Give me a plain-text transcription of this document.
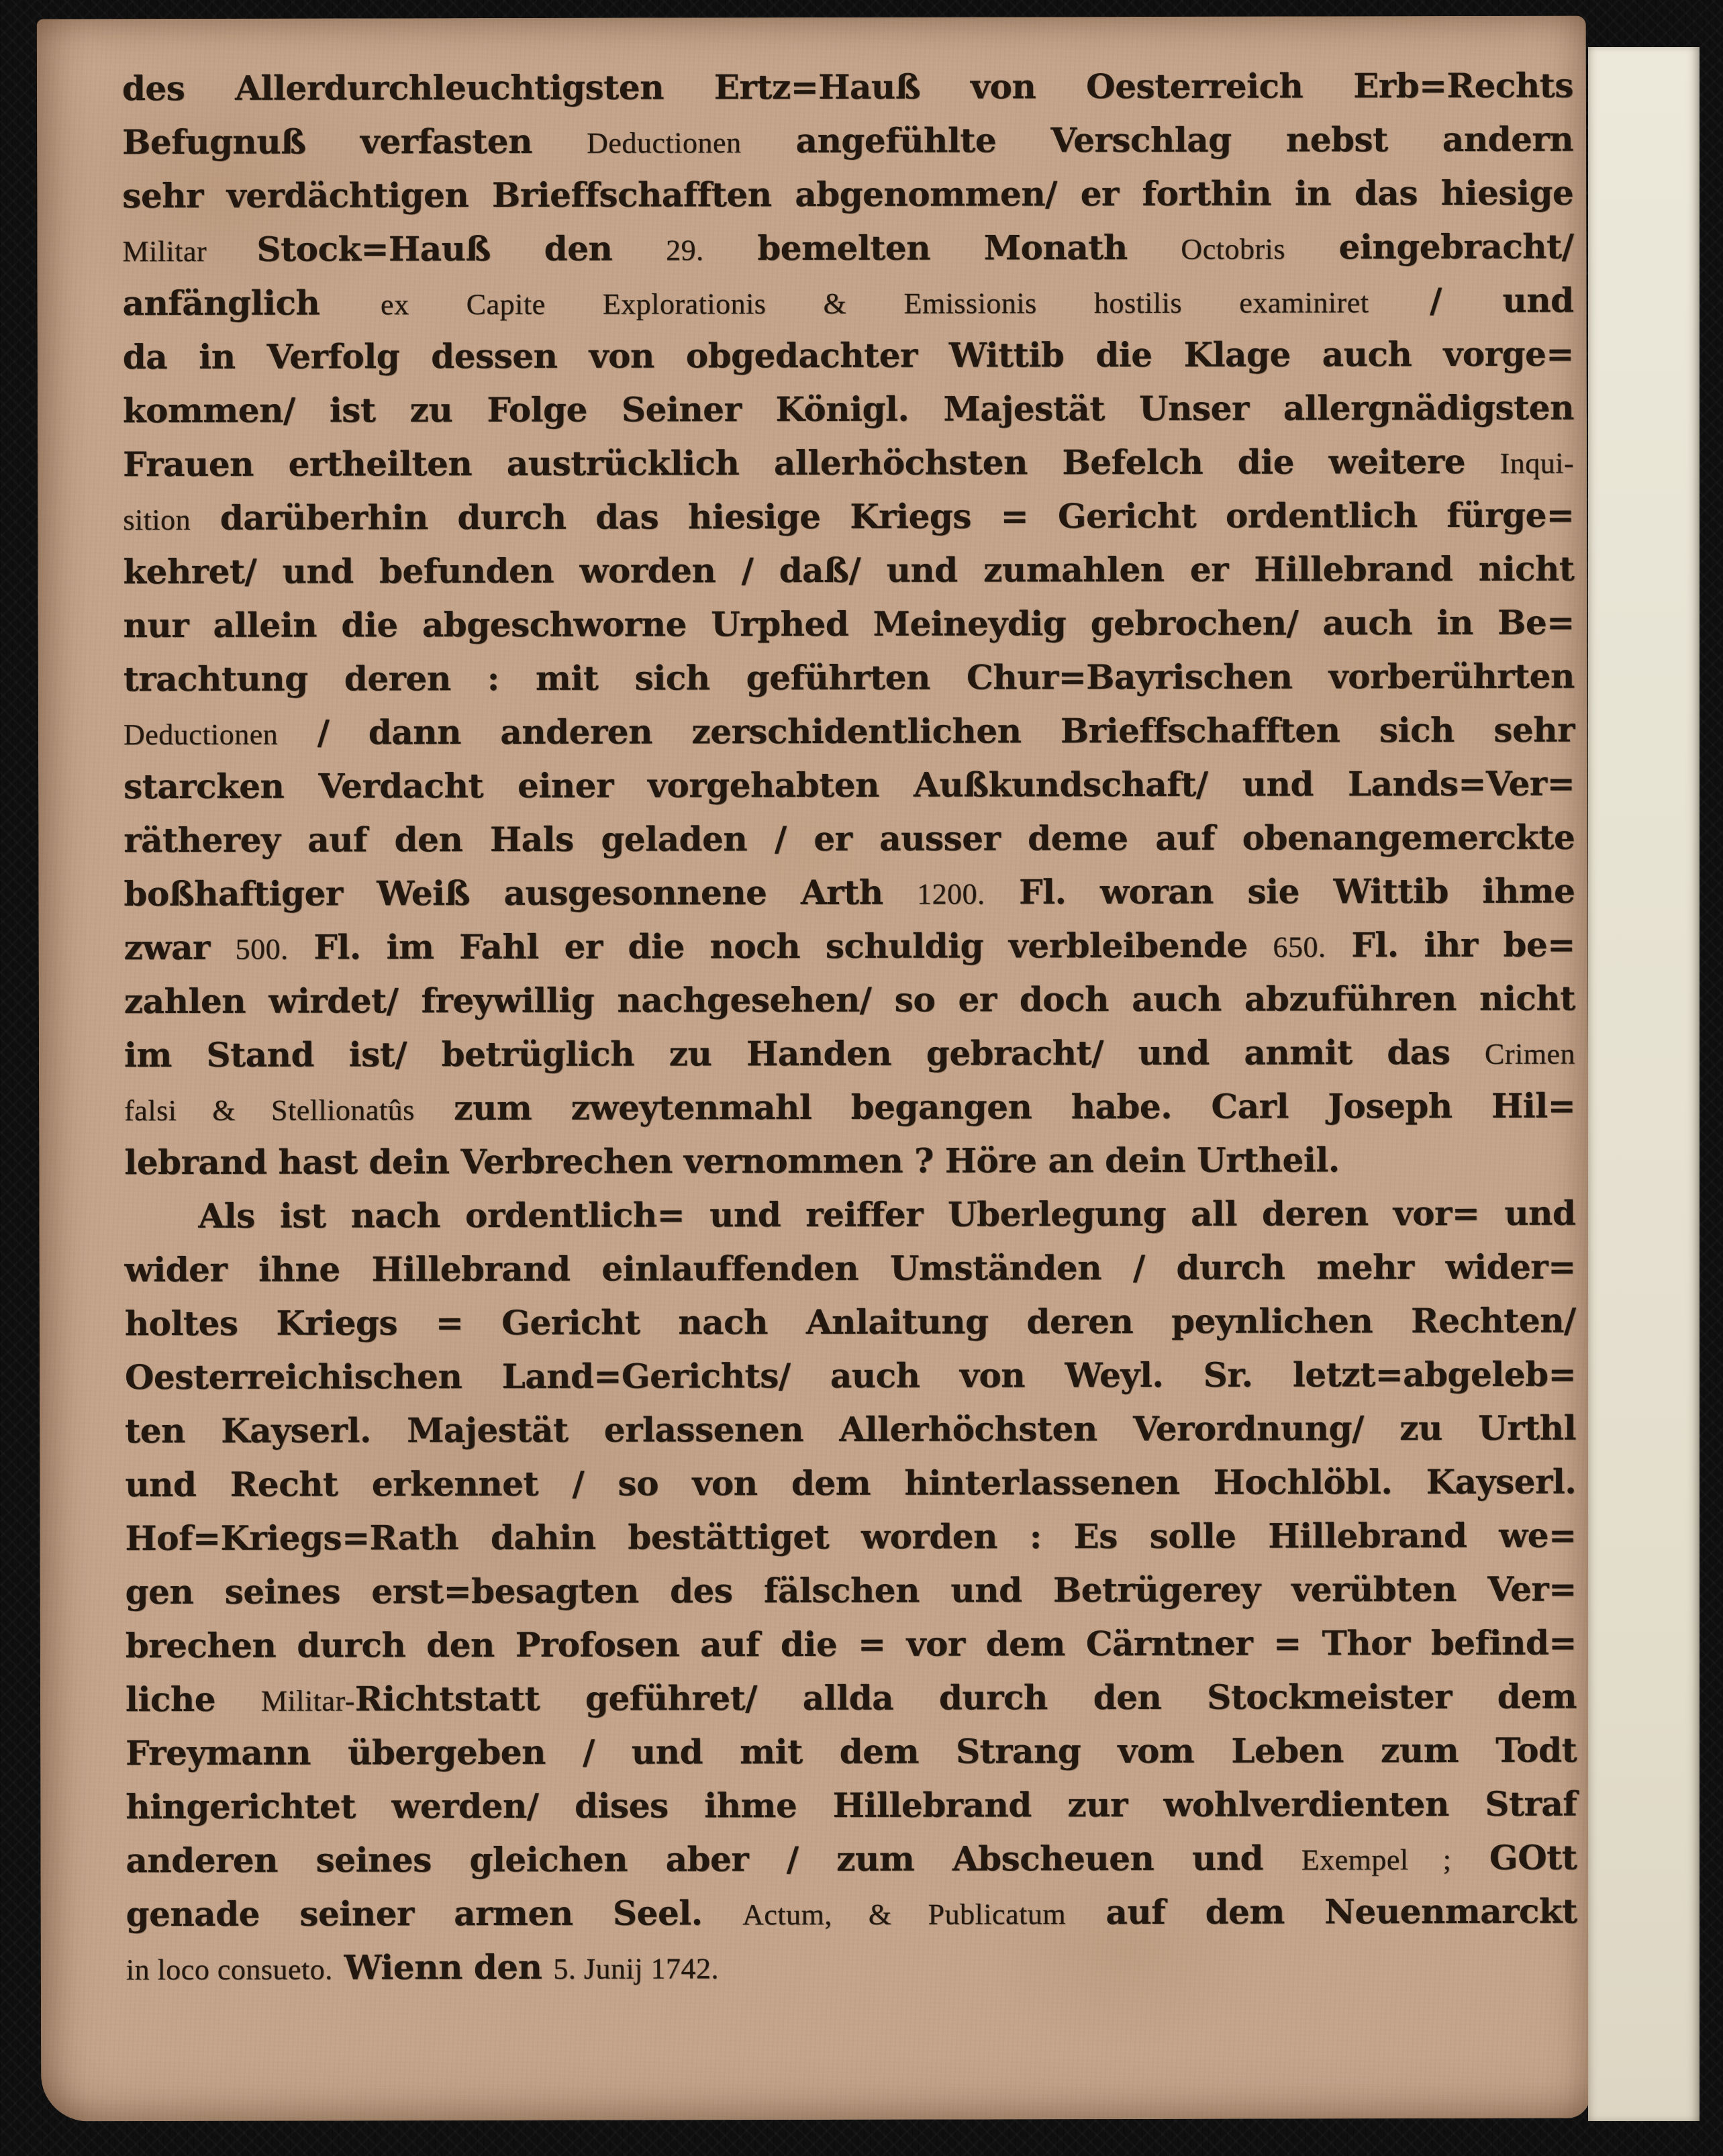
des Allerdurchleuchtigsten Ertz=Hauß von Oesterreich Erb=Rechts
Befugnuß verfasten Deductionen angefühlte Verschlag nebst andern
sehr verdächtigen Brieffschafften abgenommen/ er forthin in das hiesige
Militar Stock=Hauß den 29. bemelten Monath Octobris eingebracht/
anfänglich ex Capite Explorationis & Emissionis hostilis examiniret / und
da in Verfolg dessen von obgedachter Wittib die Klage auch vorge=
kommen/ ist zu Folge Seiner Königl. Majestät Unser allergnädigsten
Frauen ertheilten austrücklich allerhöchsten Befelch die weitere Inqui-
sition darüberhin durch das hiesige Kriegs = Gericht ordentlich fürge=
kehret/ und befunden worden / daß/ und zumahlen er Hillebrand nicht
nur allein die abgeschworne Urphed Meineydig gebrochen/ auch in Be=
trachtung deren : mit sich geführten Chur=Bayrischen vorberührten
Deductionen / dann anderen zerschidentlichen Brieffschafften sich sehr
starcken Verdacht einer vorgehabten Außkundschaft/ und Lands=Ver=
rätherey auf den Hals geladen / er ausser deme auf obenangemerckte
boßhaftiger Weiß ausgesonnene Arth 1200. Fl. woran sie Wittib ihme
zwar 500. Fl. im Fahl er die noch schuldig verbleibende 650. Fl. ihr be=
zahlen wirdet/ freywillig nachgesehen/ so er doch auch abzuführen nicht
im Stand ist/ betrüglich zu Handen gebracht/ und anmit das Crimen
falsi & Stellionatûs zum zweytenmahl begangen habe. Carl Joseph Hil=
lebrand hast dein Verbrechen vernommen ? Höre an dein Urtheil.
Als ist nach ordentlich= und reiffer Uberlegung all deren vor= und
wider ihne Hillebrand einlauffenden Umständen / durch mehr wider=
holtes Kriegs = Gericht nach Anlaitung deren peynlichen Rechten/
Oesterreichischen Land=Gerichts/ auch von Weyl. Sr. letzt=abgeleb=
ten Kayserl. Majestät erlassenen Allerhöchsten Verordnung/ zu Urthl
und Recht erkennet / so von dem hinterlassenen Hochlöbl. Kayserl.
Hof=Kriegs=Rath dahin bestättiget worden : Es solle Hillebrand we=
gen seines erst=besagten des fälschen und Betrügerey verübten Ver=
brechen durch den Profosen auf die = vor dem Cärntner = Thor befind=
liche Militar-Richtstatt geführet/ allda durch den Stockmeister dem
Freymann übergeben / und mit dem Strang vom Leben zum Todt
hingerichtet werden/ dises ihme Hillebrand zur wohlverdienten Straf
anderen seines gleichen aber / zum Abscheuen und Exempel ; GOtt
genade seiner armen Seel. Actum, & Publicatum auf dem Neuenmarckt
in loco consueto. Wienn den 5. Junij 1742.
